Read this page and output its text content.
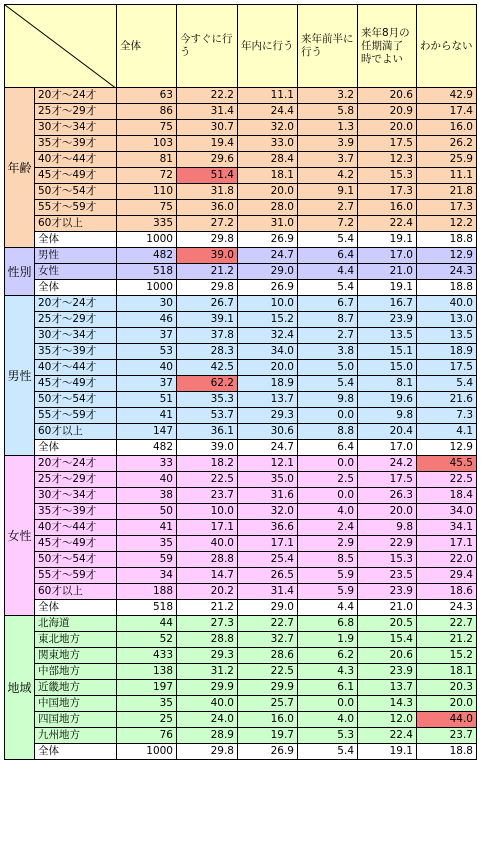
	全体	今すぐに行う	年内に行う	来年前半に行う	来年8月の任期満了時でよい	わからない
年齢	20才～24才	63	22.2	11.1	3.2	20.6	42.9
	25才～29才	86	31.4	24.4	5.8	20.9	17.4
	30才～34才	75	30.7	32.0	1.3	20.0	16.0
	35才～39才	103	19.4	33.0	3.9	17.5	26.2
	40才～44才	81	29.6	28.4	3.7	12.3	25.9
	45才～49才	72	51.4	18.1	4.2	15.3	11.1
	50才～54才	110	31.8	20.0	9.1	17.3	21.8
	55才～59才	75	36.0	28.0	2.7	16.0	17.3
	60才以上	335	27.2	31.0	7.2	22.4	12.2
	全体	1000	29.8	26.9	5.4	19.1	18.8
性別	男性	482	39.0	24.7	6.4	17.0	12.9
	女性	518	21.2	29.0	4.4	21.0	24.3
	全体	1000	29.8	26.9	5.4	19.1	18.8
男性	20才～24才	30	26.7	10.0	6.7	16.7	40.0
	25才～29才	46	39.1	15.2	8.7	23.9	13.0
	30才～34才	37	37.8	32.4	2.7	13.5	13.5
	35才～39才	53	28.3	34.0	3.8	15.1	18.9
	40才～44才	40	42.5	20.0	5.0	15.0	17.5
	45才～49才	37	62.2	18.9	5.4	8.1	5.4
	50才～54才	51	35.3	13.7	9.8	19.6	21.6
	55才～59才	41	53.7	29.3	0.0	9.8	7.3
	60才以上	147	36.1	30.6	8.8	20.4	4.1
	全体	482	39.0	24.7	6.4	17.0	12.9
女性	20才～24才	33	18.2	12.1	0.0	24.2	45.5
	25才～29才	40	22.5	35.0	2.5	17.5	22.5
	30才～34才	38	23.7	31.6	0.0	26.3	18.4
	35才～39才	50	10.0	32.0	4.0	20.0	34.0
	40才～44才	41	17.1	36.6	2.4	9.8	34.1
	45才～49才	35	40.0	17.1	2.9	22.9	17.1
	50才～54才	59	28.8	25.4	8.5	15.3	22.0
	55才～59才	34	14.7	26.5	5.9	23.5	29.4
	60才以上	188	20.2	31.4	5.9	23.9	18.6
	全体	518	21.2	29.0	4.4	21.0	24.3
地域	北海道	44	27.3	22.7	6.8	20.5	22.7
	東北地方	52	28.8	32.7	1.9	15.4	21.2
	関東地方	433	29.3	28.6	6.2	20.6	15.2
	中部地方	138	31.2	22.5	4.3	23.9	18.1
	近畿地方	197	29.9	29.9	6.1	13.7	20.3
	中国地方	35	40.0	25.7	0.0	14.3	20.0
	四国地方	25	24.0	16.0	4.0	12.0	44.0
	九州地方	76	28.9	19.7	5.3	22.4	23.7
	全体	1000	29.8	26.9	5.4	19.1	18.8
